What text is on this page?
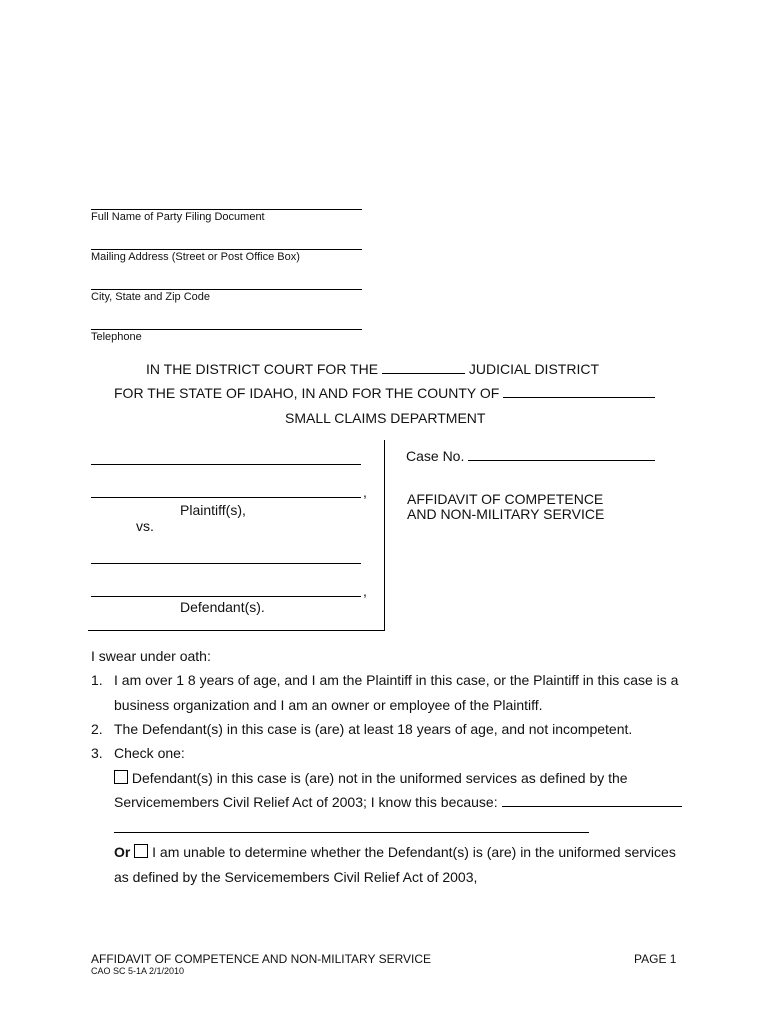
Full Name of Party Filing Document
Mailing Address (Street or Post Office Box)
City, State and Zip Code
Telephone
IN THE DISTRICT COURT FOR THE	JUDICIAL DISTRICT
FOR THE STATE OF IDAHO, IN AND FOR THE COUNTY OF
SMALL CLAIMS DEPARTMENT
,
Plaintiff(s),
vs.
,
Defendant(s).
Case No.
AFFIDAVIT OF COMPETENCE
AND NON-MILITARY SERVICE
I swear under oath:
1. I am over 1 8 years of age, and I am the Plaintiff in this case, or the Plaintiff in this case is a
business organization and I am an owner or employee of the Plaintiff.
2. The Defendant(s) in this case is (are) at least 18 years of age, and not incompetent.
3. Check one:
Defendant(s) in this case is (are) not in the uniformed services as defined by the
Servicemembers Civil Relief Act of 2003; I know this because:
Or I am unable to determine whether the Defendant(s) is (are) in the uniformed services
as defined by the Servicemembers Civil Relief Act of 2003,
AFFIDAVIT OF COMPETENCE AND NON-MILITARY SERVICE	PAGE 1
CAO SC 5-1A 2/1/2010
